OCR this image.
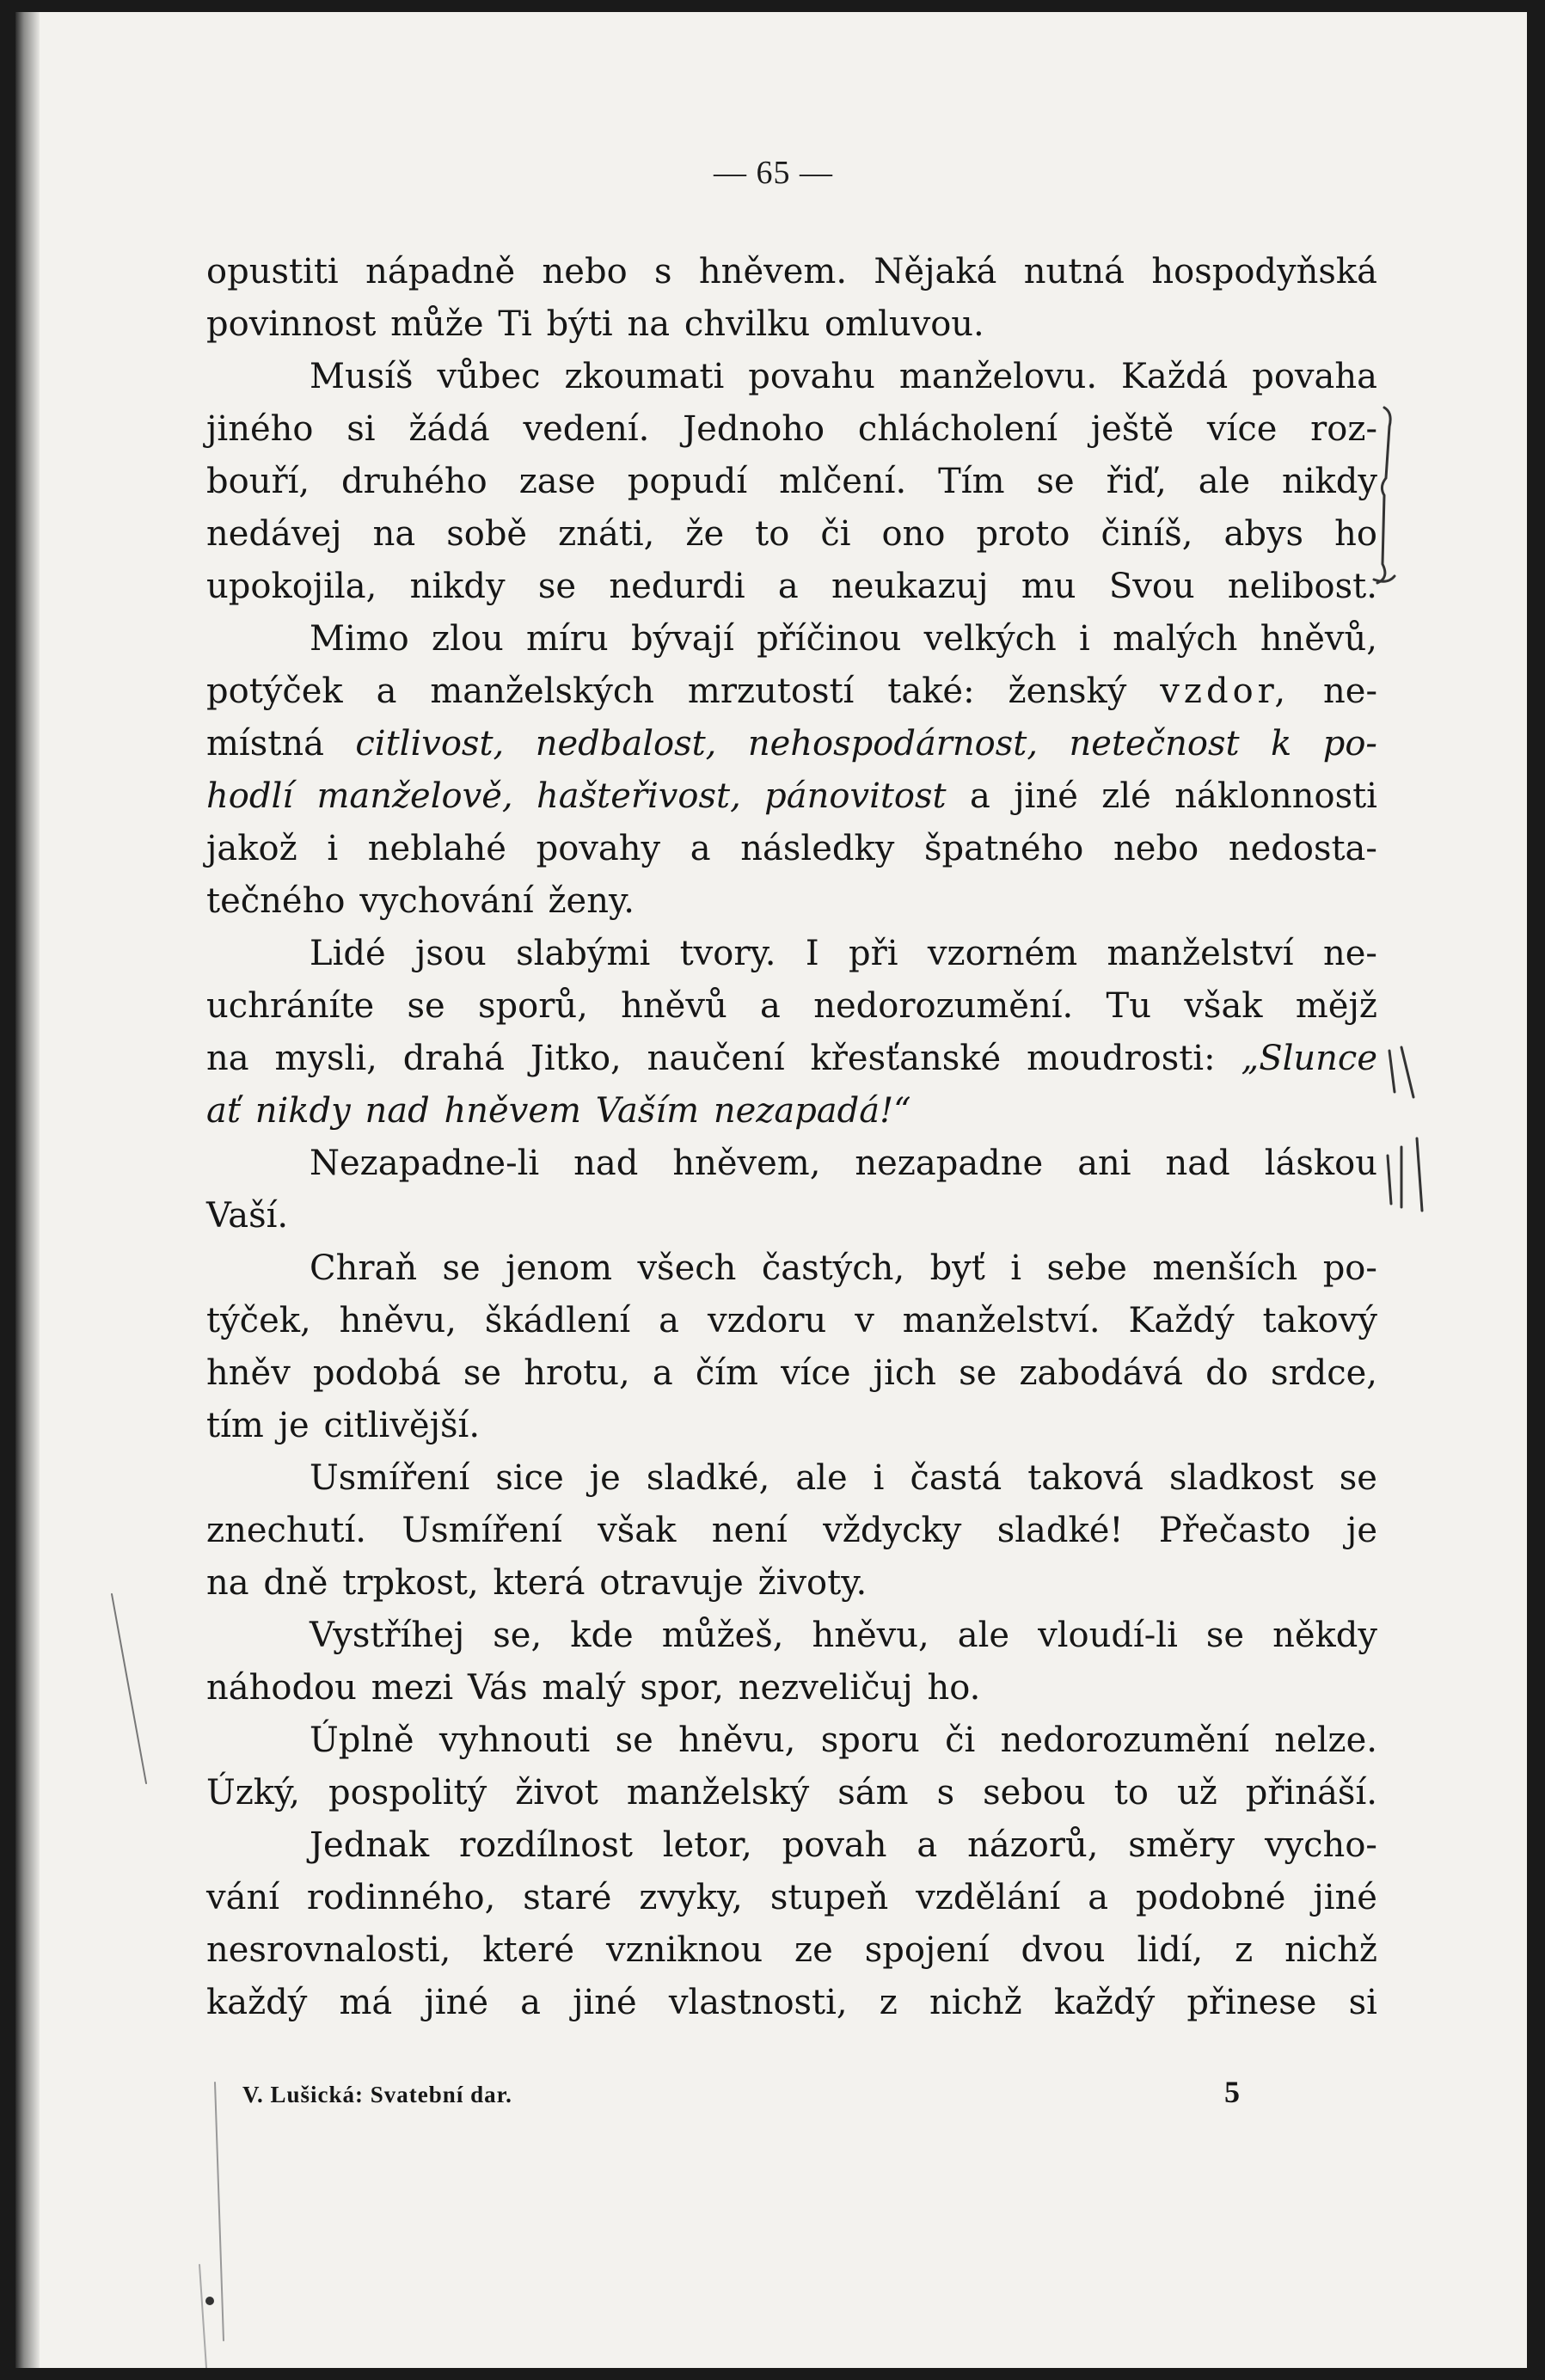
— 65 —
opustiti nápadně nebo s hněvem. Nějaká nutná hospodyňská
povinnost může Ti býti na chvilku omluvou.
Musíš vůbec zkoumati povahu manželovu. Každá povaha
jiného si žádá vedení. Jednoho chlácholení ještě více roz-
bouří, druhého zase popudí mlčení. Tím se řiď, ale nikdy
nedávej na sobě znáti, že to či ono proto činíš, abys ho
upokojila, nikdy se nedurdi a neukazuj mu Svou nelibost.
Mimo zlou míru bývají příčinou velkých i malých hněvů,
potýček a manželských mrzutostí také: ženský vzdor, ne-
místná citlivost, nedbalost, nehospodárnost, netečnost k po-
hodlí manželově, hašteřivost, pánovitost a jiné zlé náklonnosti
jakož i neblahé povahy a následky špatného nebo nedosta-
tečného vychování ženy.
Lidé jsou slabými tvory. I při vzorném manželství ne-
uchráníte se sporů, hněvů a nedorozumění. Tu však mějž
na mysli, drahá Jitko, naučení křesťanské moudrosti: „Slunce
ať nikdy nad hněvem Vaším nezapadá!“
Nezapadne-li nad hněvem, nezapadne ani nad láskou
Vaší.
Chraň se jenom všech častých, byť i sebe menších po-
týček, hněvu, škádlení a vzdoru v manželství. Každý takový
hněv podobá se hrotu, a čím více jich se zabodává do srdce,
tím je citlivější.
Usmíření sice je sladké, ale i častá taková sladkost se
znechutí. Usmíření však není vždycky sladké! Přečasto je
na dně trpkost, která otravuje životy.
Vystříhej se, kde můžeš, hněvu, ale vloudí-li se někdy
náhodou mezi Vás malý spor, nezveličuj ho.
Úplně vyhnouti se hněvu, sporu či nedorozumění nelze.
Úzký, pospolitý život manželský sám s sebou to už přináší.
Jednak rozdílnost letor, povah a názorů, směry vycho-
vání rodinného, staré zvyky, stupeň vzdělání a podobné jiné
nesrovnalosti, které vzniknou ze spojení dvou lidí, z nichž
každý má jiné a jiné vlastnosti, z nichž každý přinese si
V. Lušická: Svatební dar.	5
